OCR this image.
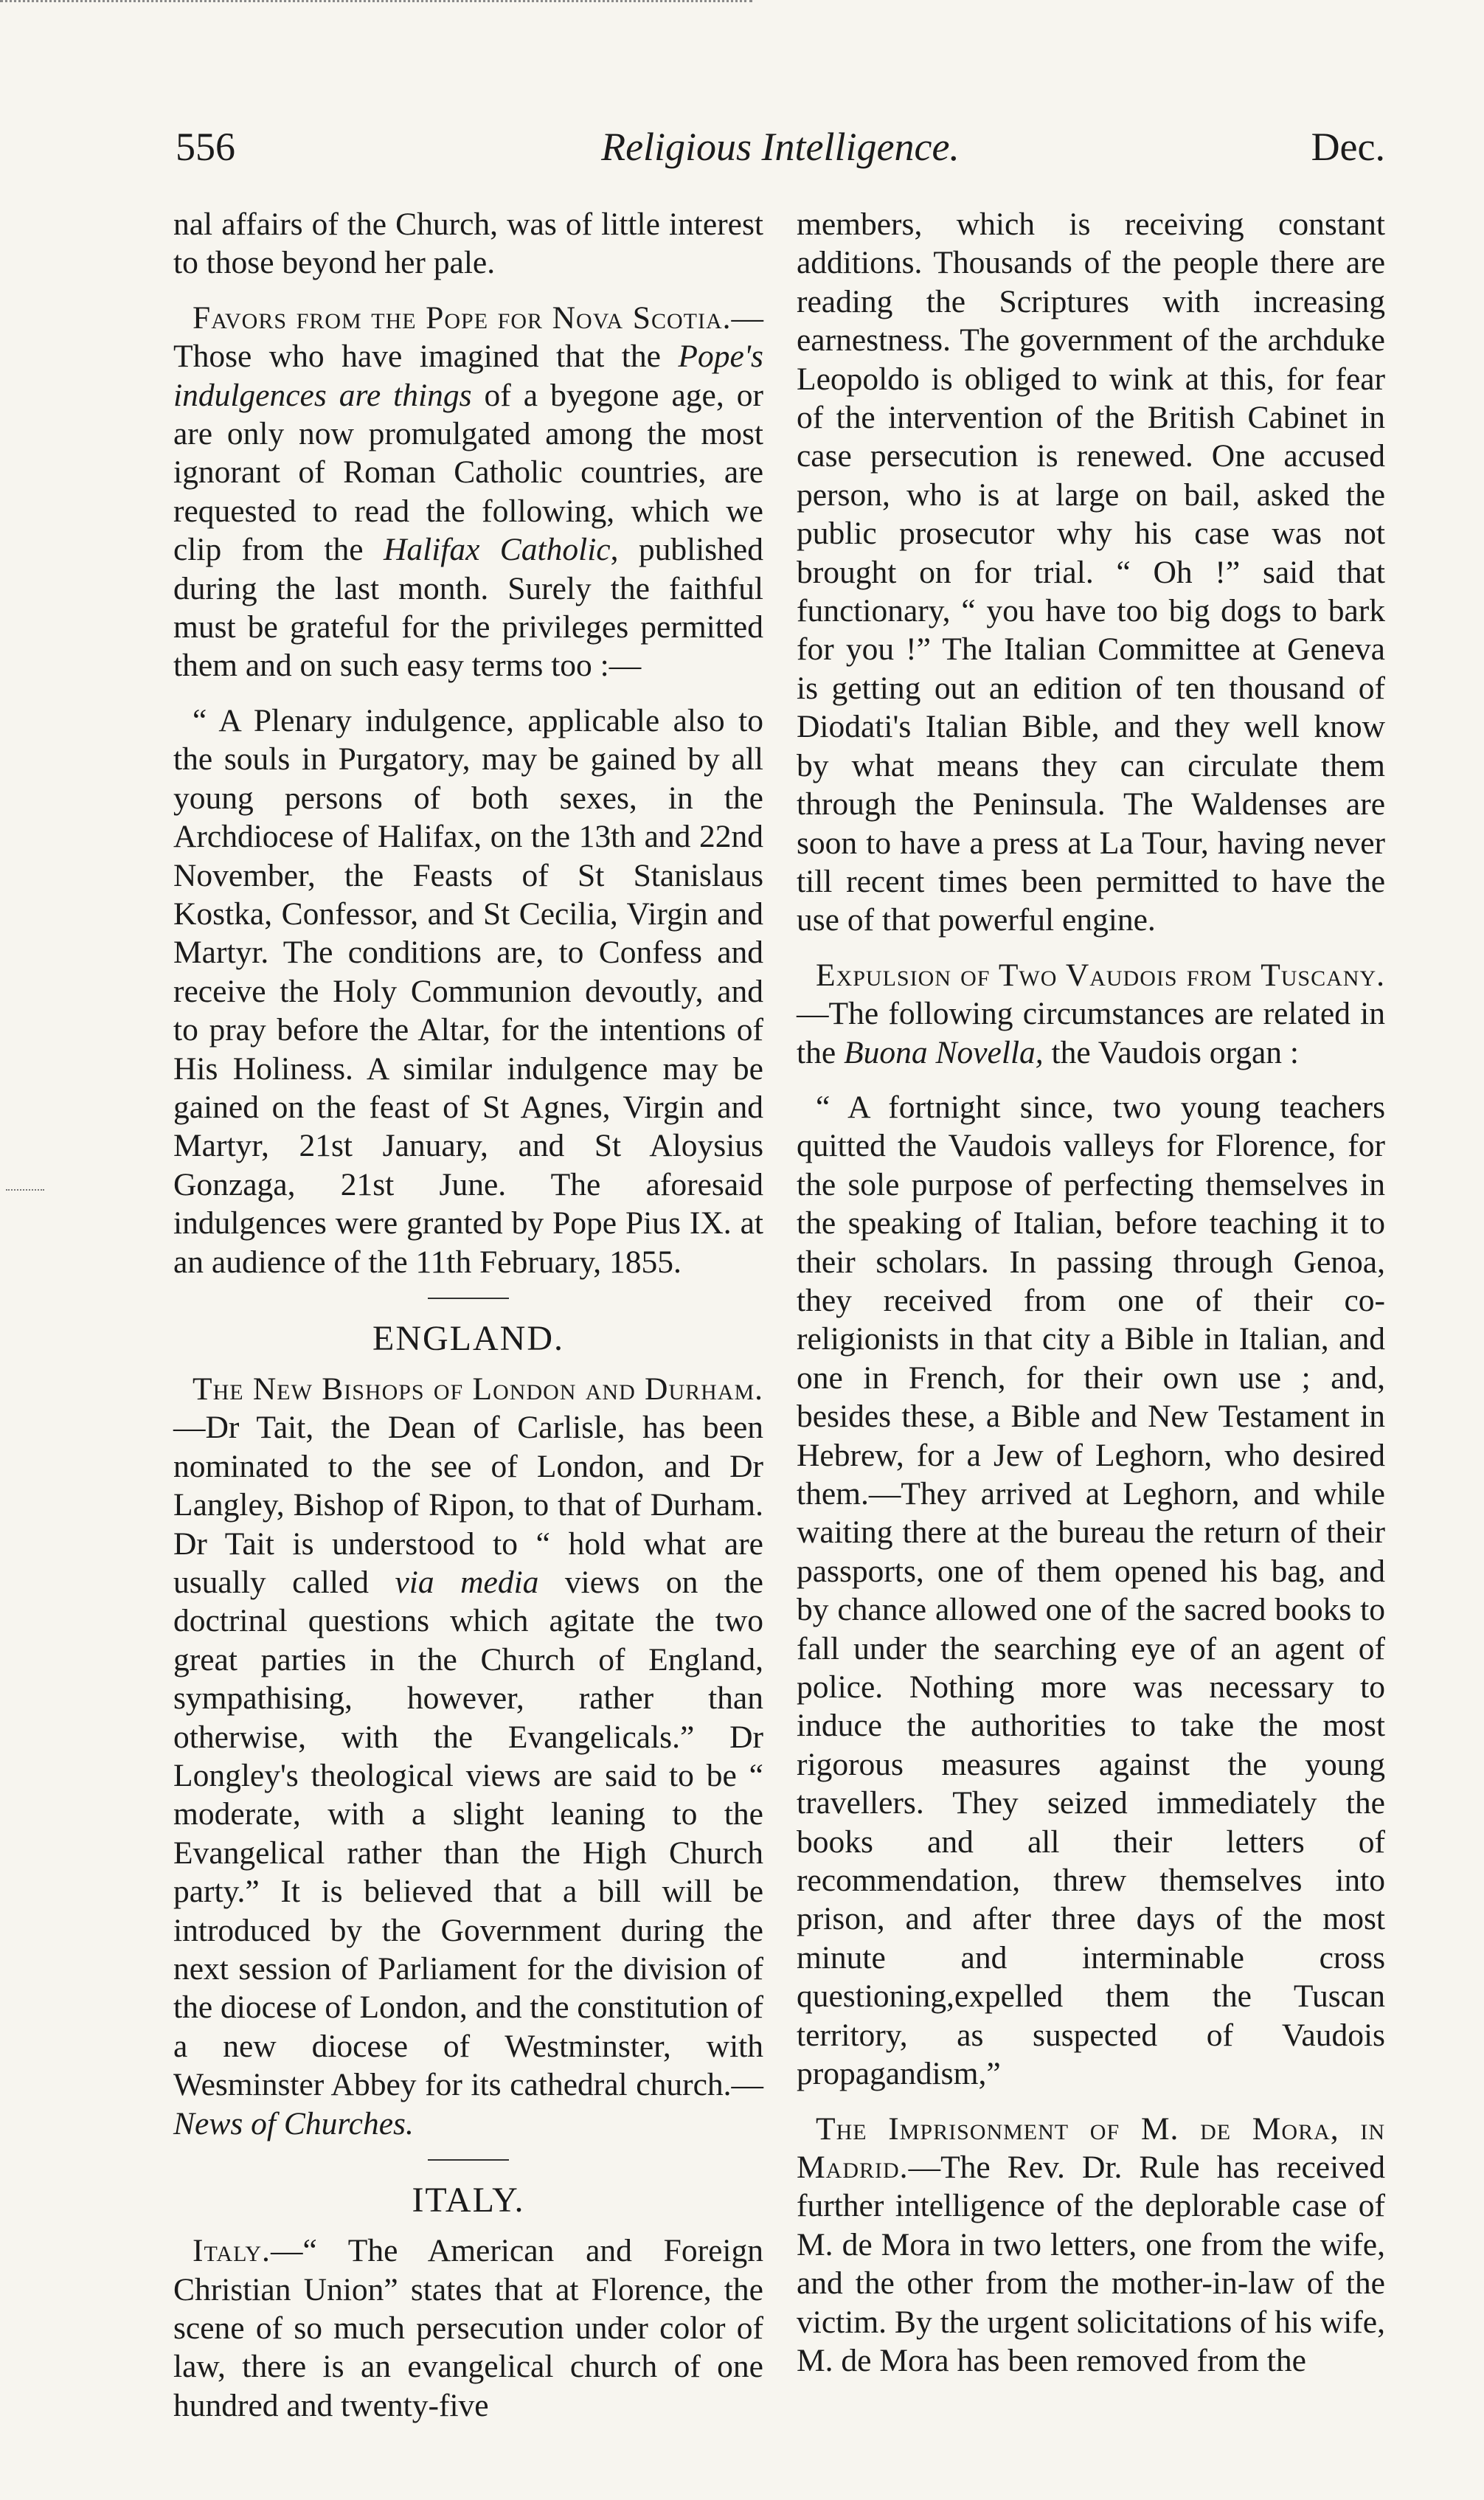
556	Religious Intelligence.	Dec.

nal affairs of the Church, was of little interest to those beyond her pale.

Favors from the Pope for Nova Scotia.—Those who have imagined that the Pope's indulgences are things of a byegone age, or are only now promulgated among the most ignorant of Roman Catholic countries, are requested to read the following, which we clip from the Halifax Catholic, published during the last month. Surely the faithful must be grateful for the privileges permitted them and on such easy terms too :—

“ A Plenary indulgence, applicable also to the souls in Purgatory, may be gained by all young persons of both sexes, in the Archdiocese of Halifax, on the 13th and 22nd November, the Feasts of St Stanislaus Kostka, Confessor, and St Cecilia, Virgin and Martyr. The conditions are, to Confess and receive the Holy Communion devoutly, and to pray before the Altar, for the intentions of His Holiness. A similar indulgence may be gained on the feast of St Agnes, Virgin and Martyr, 21st January, and St Aloysius Gonzaga, 21st June. The aforesaid indulgences were granted by Pope Pius IX. at an audience of the 11th February, 1855.

ENGLAND.

The New Bishops of London and Durham.—Dr Tait, the Dean of Carlisle, has been nominated to the see of London, and Dr Langley, Bishop of Ripon, to that of Durham. Dr Tait is understood to “ hold what are usually called via media views on the doctrinal questions which agitate the two great parties in the Church of England, sympathising, however, rather than otherwise, with the Evangelicals.” Dr Longley's theological views are said to be “ moderate, with a slight leaning to the Evangelical rather than the High Church party.” It is believed that a bill will be introduced by the Government during the next session of Parliament for the division of the diocese of London, and the constitution of a new diocese of Westminster, with Wesminster Abbey for its cathedral church.—News of Churches.

ITALY.

Italy.—“ The American and Foreign Christian Union” states that at Florence, the scene of so much persecution under color of law, there is an evangelical church of one hundred and twenty-five

members, which is receiving constant additions. Thousands of the people there are reading the Scriptures with increasing earnestness. The government of the archduke Leopoldo is obliged to wink at this, for fear of the intervention of the British Cabinet in case persecution is renewed. One accused person, who is at large on bail, asked the public prosecutor why his case was not brought on for trial. “ Oh !” said that functionary, “ you have too big dogs to bark for you !” The Italian Committee at Geneva is getting out an edition of ten thousand of Diodati's Italian Bible, and they well know by what means they can circulate them through the Peninsula. The Waldenses are soon to have a press at La Tour, having never till recent times been permitted to have the use of that powerful engine.

Expulsion of Two Vaudois from Tuscany.—The following circumstances are related in the Buona Novella, the Vaudois organ :

“ A fortnight since, two young teachers quitted the Vaudois valleys for Florence, for the sole purpose of perfecting themselves in the speaking of Italian, before teaching it to their scholars. In passing through Genoa, they received from one of their co-religionists in that city a Bible in Italian, and one in French, for their own use ; and, besides these, a Bible and New Testament in Hebrew, for a Jew of Leghorn, who desired them.—They arrived at Leghorn, and while waiting there at the bureau the return of their passports, one of them opened his bag, and by chance allowed one of the sacred books to fall under the searching eye of an agent of police. Nothing more was necessary to induce the authorities to take the most rigorous measures against the young travellers. They seized immediately the books and all their letters of recommendation, threw themselves into prison, and after three days of the most minute and interminable cross questioning,expelled them the Tuscan territory, as suspected of Vaudois propagandism,”

The Imprisonment of M. de Mora, in Madrid.—The Rev. Dr. Rule has received further intelligence of the deplorable case of M. de Mora in two letters, one from the wife, and the other from the mother-in-law of the victim. By the urgent solicitations of his wife, M. de Mora has been removed from the
